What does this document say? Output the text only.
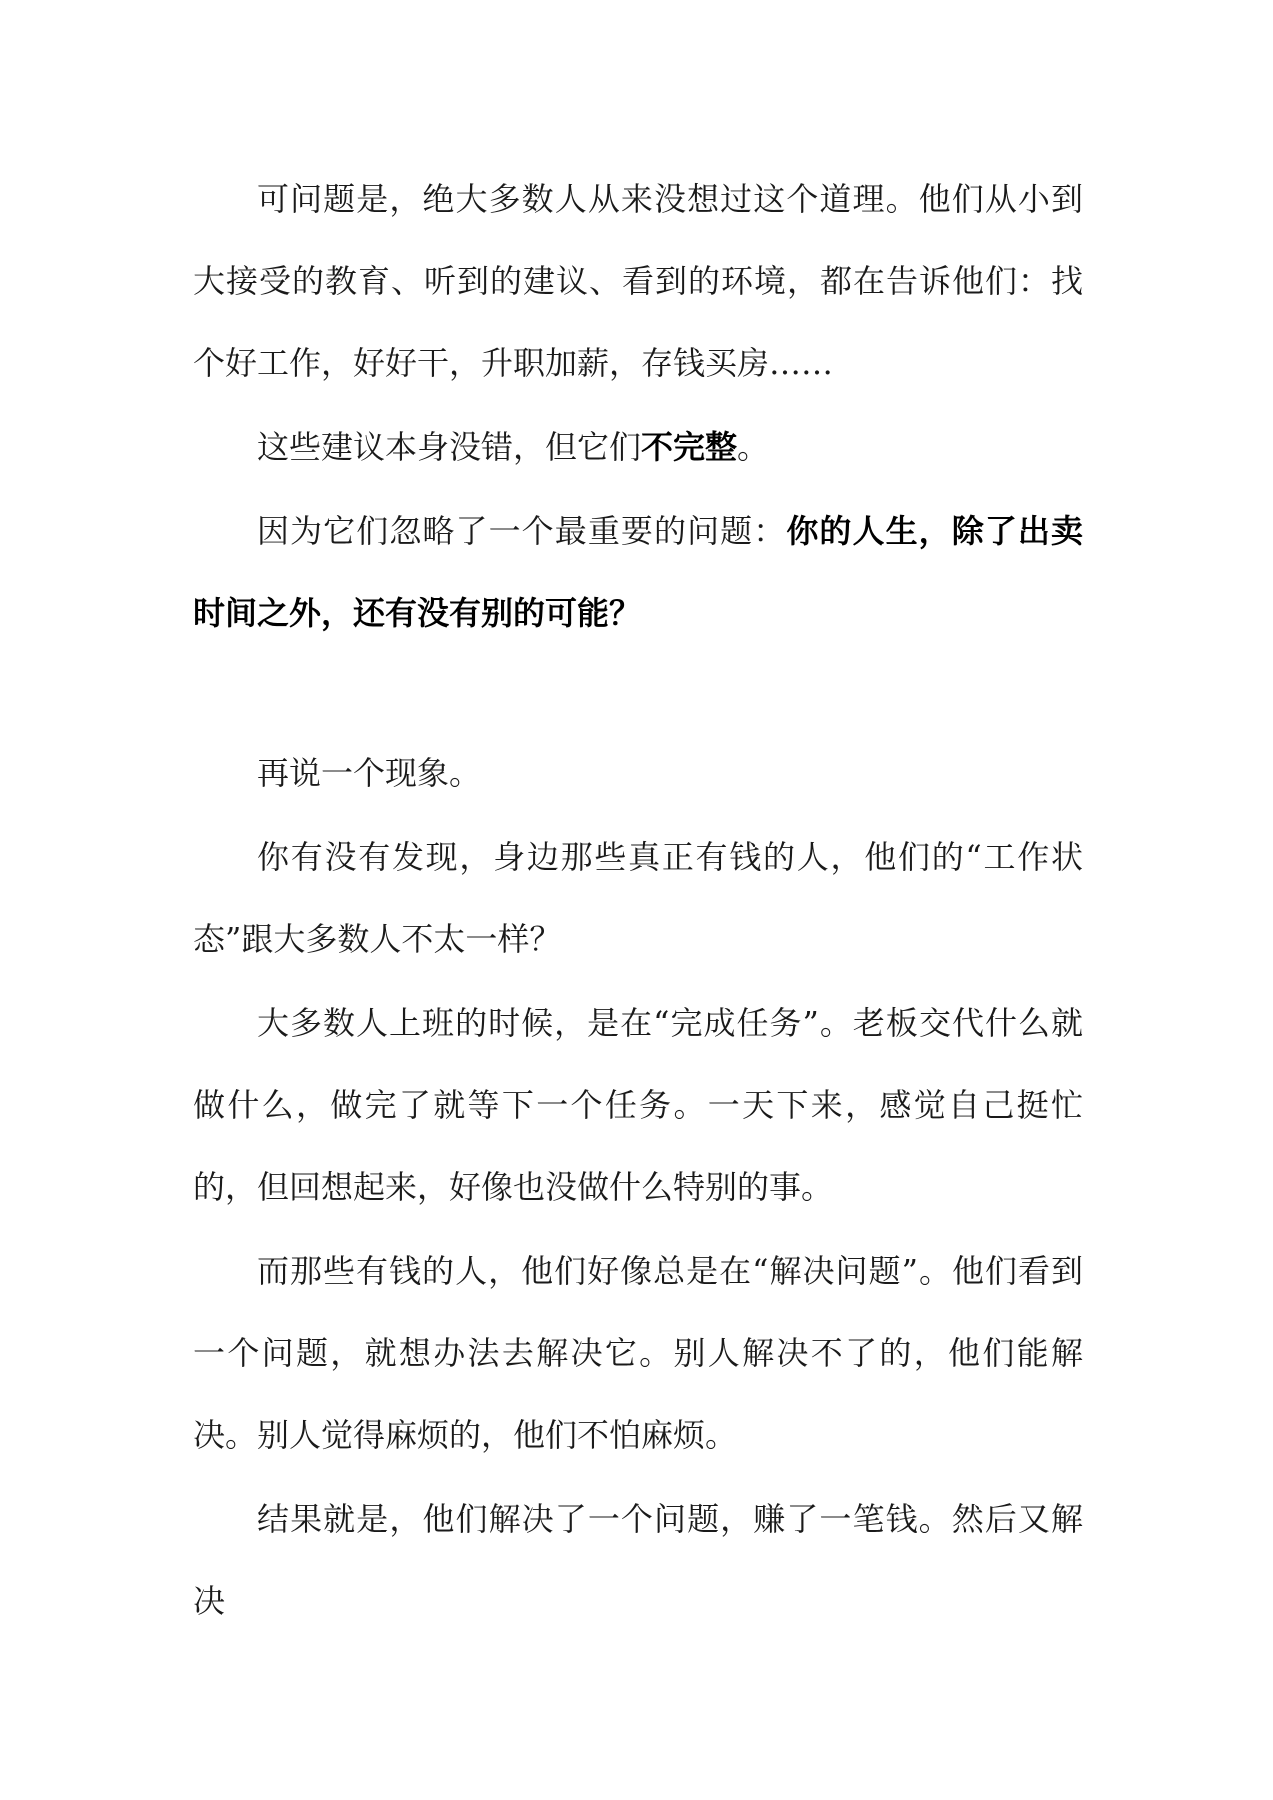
可问题是，绝大多数人从来没想过这个道理。他们从小到大接受的教育、听到的建议、看到的环境，都在告诉他们：找个好工作，好好干，升职加薪，存钱买房……

这些建议本身没错，但它们不完整。

因为它们忽略了一个最重要的问题：你的人生，除了出卖时间之外，还有没有别的可能？

再说一个现象。

你有没有发现，身边那些真正有钱的人，他们的“工作状态”跟大多数人不太一样？

大多数人上班的时候，是在“完成任务”。老板交代什么就做什么，做完了就等下一个任务。一天下来，感觉自己挺忙的，但回想起来，好像也没做什么特别的事。

而那些有钱的人，他们好像总是在“解决问题”。他们看到一个问题，就想办法去解决它。别人解决不了的，他们能解决。别人觉得麻烦的，他们不怕麻烦。

结果就是，他们解决了一个问题，赚了一笔钱。然后又解决
